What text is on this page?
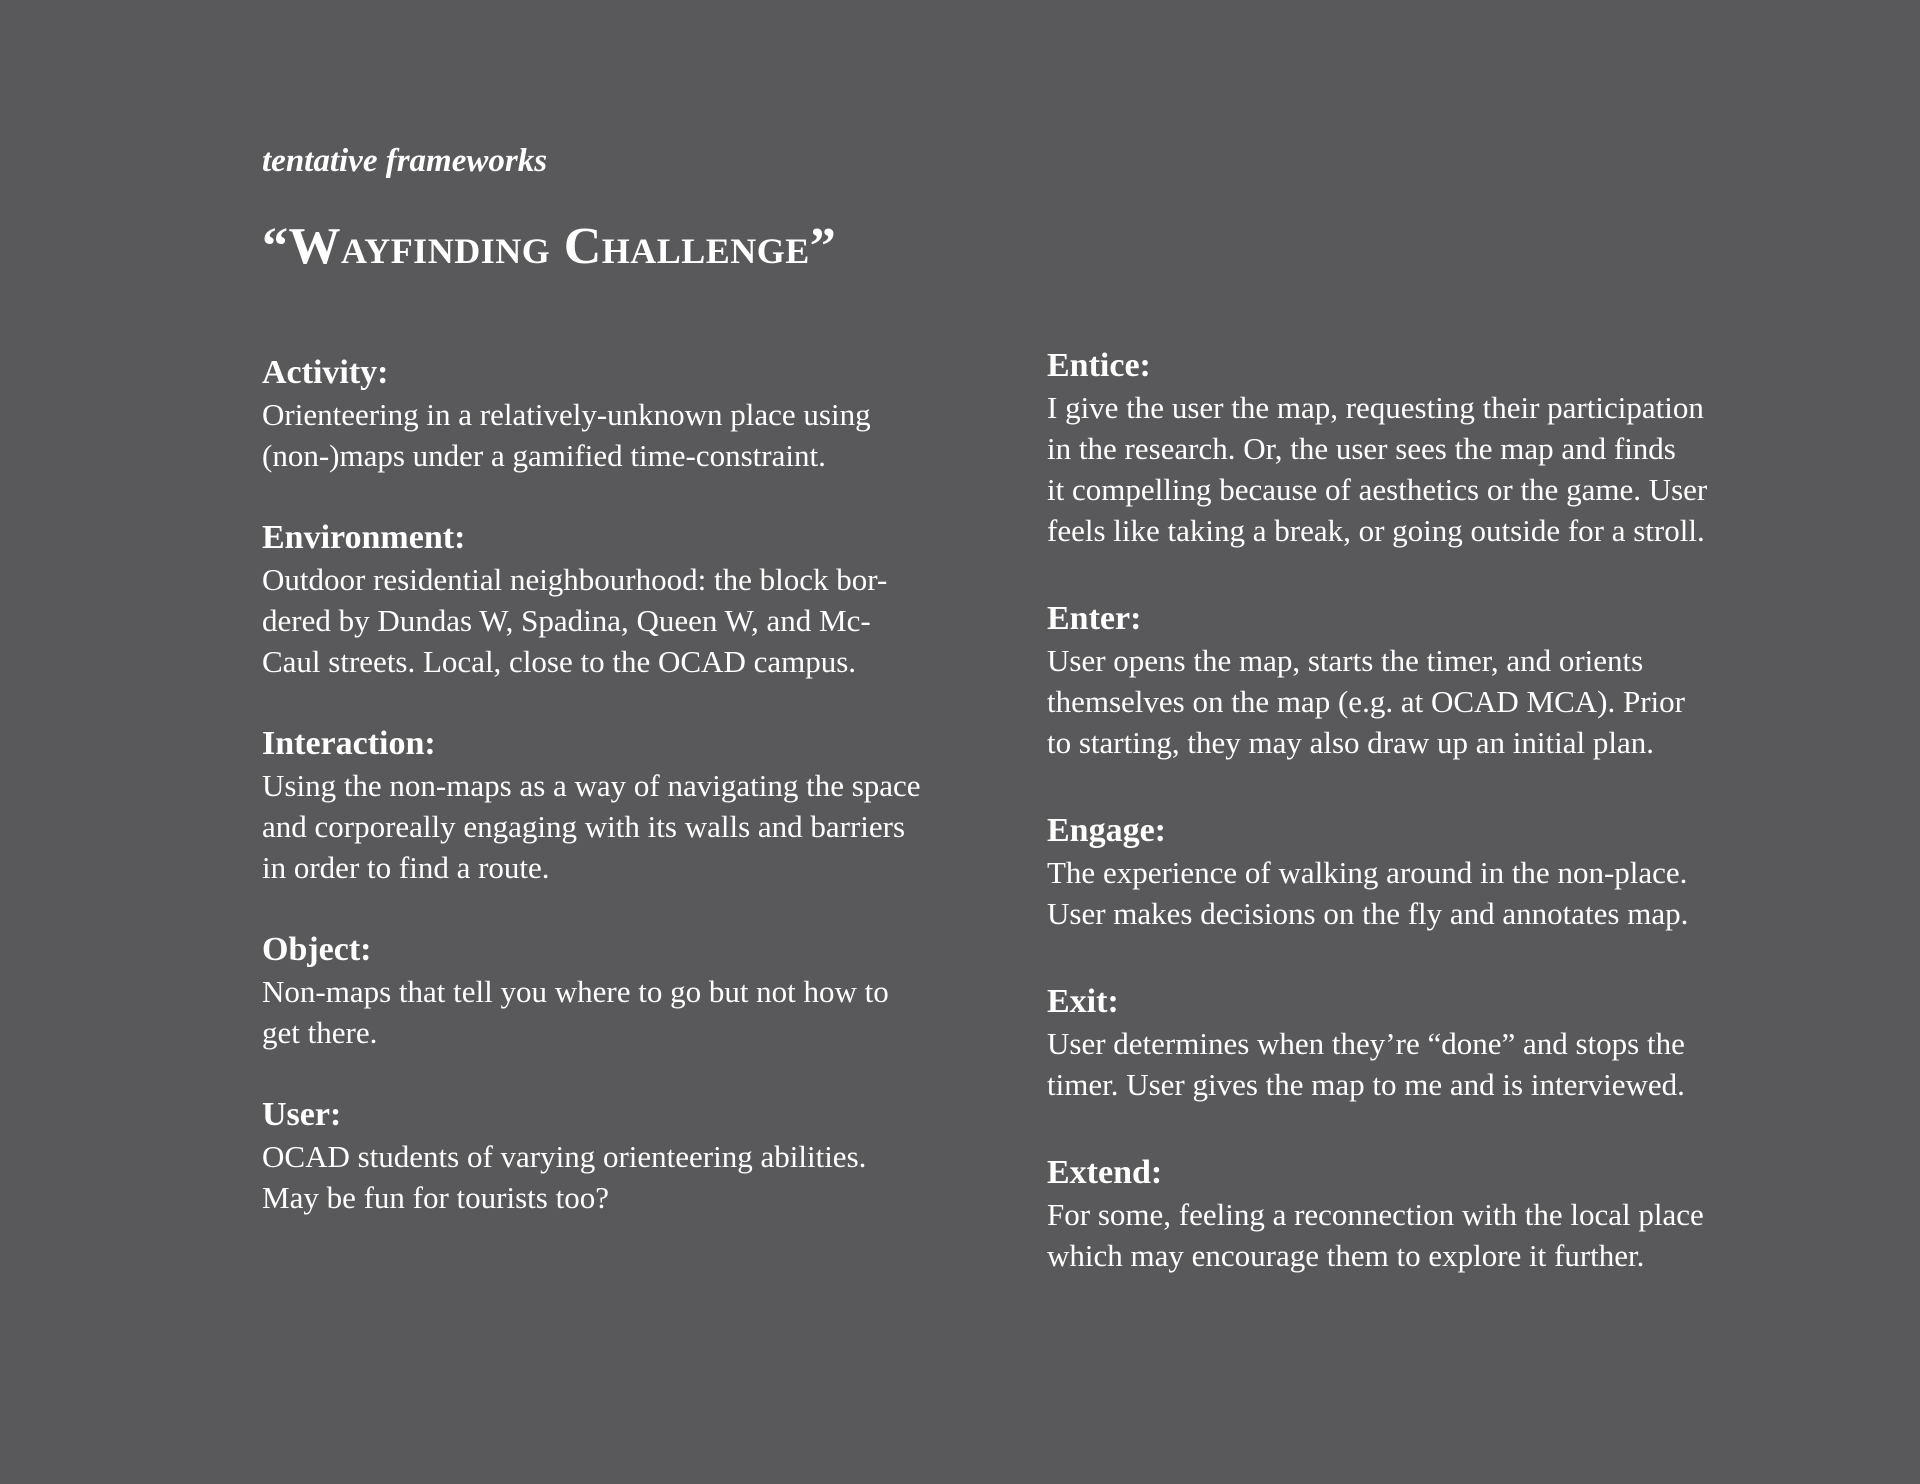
tentative frameworks
“Wayfinding Challenge”
Activity:

Orienteering in a relatively-unknown place using
(non-)maps under a gamified time-constraint.

Environment:

Outdoor residential neighbourhood: the block bor-
dered by Dundas W, Spadina, Queen W, and Mc-
Caul streets. Local, close to the OCAD campus.

Interaction:

Using the non-maps as a way of navigating the space
and corporeally engaging with its walls and barriers
in order to find a route.

Object:

Non-maps that tell you where to go but not how to
get there.

User:

OCAD students of varying orienteering abilities.
May be fun for tourists too?

Entice:

I give the user the map, requesting their participation
in the research. Or, the user sees the map and finds
it compelling because of aesthetics or the game. User
feels like taking a break, or going outside for a stroll.

Enter:

User opens the map, starts the timer, and orients
themselves on the map (e.g. at OCAD MCA). Prior
to starting, they may also draw up an initial plan.

Engage:

The experience of walking around in the non-place.
User makes decisions on the fly and annotates map.

Exit:

User determines when they’re “done” and stops the
timer. User gives the map to me and is interviewed.

Extend:

For some, feeling a reconnection with the local place
which may encourage them to explore it further.
